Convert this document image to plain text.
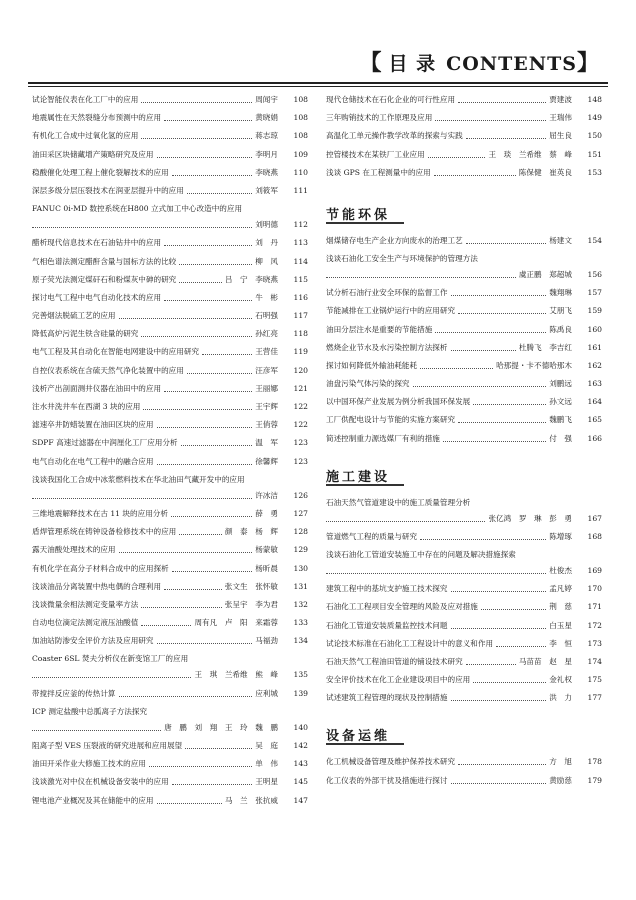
【 目 录 CONTENTS】
试论智能仪表在化工厂中的应用	周闻宇	108
地震属性在天然裂缝分布预测中的应用	黄晓娟	108
有机化工合成中过氧化氢的应用	蒋志琼	108
油田采区块储藏增产策略研究及应用	李明月	109
稳酸催化处理工程上催化裂解技术的应用	李晓燕	110
深层多级分层压裂技术在润亚层提升中的应用	刘筱军	111
FANUC 0i-MD 数控系统在H800 立式加工中心改造中的应用
刘明德	112
醋析现代信息技术在石油钻井中的应用	刘　丹	113
气相色谱法测定醋酐含量与国标方法的比较	柳　风	114
原子荧光法测定煤矸石和粉煤灰中砷的研究	吕　宁　李晓燕	115
探讨电气工程中电气自动化技术的应用	牛　彬	116
完善烟法脱硫工艺的应用	石明强	117
降低高炉污泥生铁含硅量的研究	孙红亮	118
电气工程及其自动化在智能电网建设中的应用研究	王营佳	119
自控仪表系统在含硫天然气净化装置中的应用	汪彦军	120
浅析产出剖面测井仪器在油田中的应用	王丽娜	121
注水井洗井车在西湖 3 块的应用	王宇辉	122
滤速卒井防蜡装置在油田区块的应用	王俏蓉	122
SDPF 高速过滤器在中润厘化工厂应用分析	温　军	123
电气自动化在电气工程中的融合应用	徐馨辉	123
浅谈我国化工合成中冰浆燃料技术在华北油田气藏开发中的应用
许冰洁	126
三维地震解释技术在古 11 块的应用分析	薛　勇	127
盾焊管理系统在铸钟设备检修技术中的应用	颜　泰　杨　辉	128
露天油酸处理技术的应用	杨蒙敏	129
有机化学在高分子材料合成中的应用探析	杨昕晨	130
浅谈油品分离装置中热电偶的合理利用	张文生　张怀敏	131
浅谈微量余相法测定变量率方法	张呈宇　李为君	132
自动电位滴定法测定液压油酸值	周有凡　卢　阳　来霜蓉	133
加油站防渗安全评价方法及应用研究	马福劲	134
Coaster 6SL 焚夫分析仪在新变馆工厂的应用
王　琪　兰希维　熊　峰	135
带搅拌反应釜的传热计算	应利城	139
ICP 测定盐酸中总胍离子方法探究
唐　鹏　刘　翔　王　玲　魏　鹏	140
阻离子型 VES 压裂液的研究进展和应用展望	吴　庭	142
油田开采作业大修施工技术的应用	单　伟	143
浅谈激光对中仪在机械设备安装中的应用	王明星	145
锂电池产业概况及其在储能中的应用	马　兰　张抗威	147
现代仓储技术在石化企业的可行性应用	贾建波	148
三年购销技术的工作原理及应用	王瑞伟	149
高温化工单元操作教学改革的探索与实践	屈生良	150
控管楼技术在某铁厂工业应用	王　琰　兰希维　蔡　峰	151
浅谈 GPS 在工程测量中的应用	陈保健　崔英良	153
节能环保
烟煤储存电生产企业方向废水的治理工艺	杨建文	154
浅谈石油化工安全生产与环境保护的管理方法
虞正鹏　郑超城	156
试分析石油行业安全环保的监督工作	魏翔琳	157
节能减排在工业锅炉运行中的应用研究	艾朋飞	159
油田分层注水是重要的节能措施	陈禹良	160
燃烧企业节水及水污染控制方法探析	杜腾飞　李吉红	161
探讨如何降低外输油耗能耗	哈那提・卡不德哈那木	162
油盘污染气体污染的探究	刘鹏远	163
以中国环保产业发展为例分析我国环保发展	孙文远	164
工厂供配电设计与节能的实施方案研究	魏鹏飞	165
简述控制重力源选媒厂有利的措施	付　强	166
施工建设
石油天然气管道建设中的施工质量管理分析
张亿鸿　罗　琳　彭　勇	167
管道燃气工程的质量与研究	陈增琢	168
浅谈石油化工管道安装施工中存在的问题及解决措施探索
杜俊杰	169
建筑工程中的基坑支护施工技术探究	孟凡婷	170
石油化工工程项目安全管理的风险及应对措施	荆　慈	171
石油化工管道安装质量监控技术问题	白玉星	172
试论技术标准在石油化工工程设计中的意义和作用	李　恒	173
石油天然气工程油田管道的铺设技术研究	马苗苗　赵　星	174
安全评价技术在化工企业建设项目中的应用	金礼权	175
试述建筑工程管理的现状及控制措施	洪　力	177
设备运维
化工机械设备管理及维护保养技术研究	方　旭	178
化工仪表的外部干扰及措施进行探讨	黄励慈	179
